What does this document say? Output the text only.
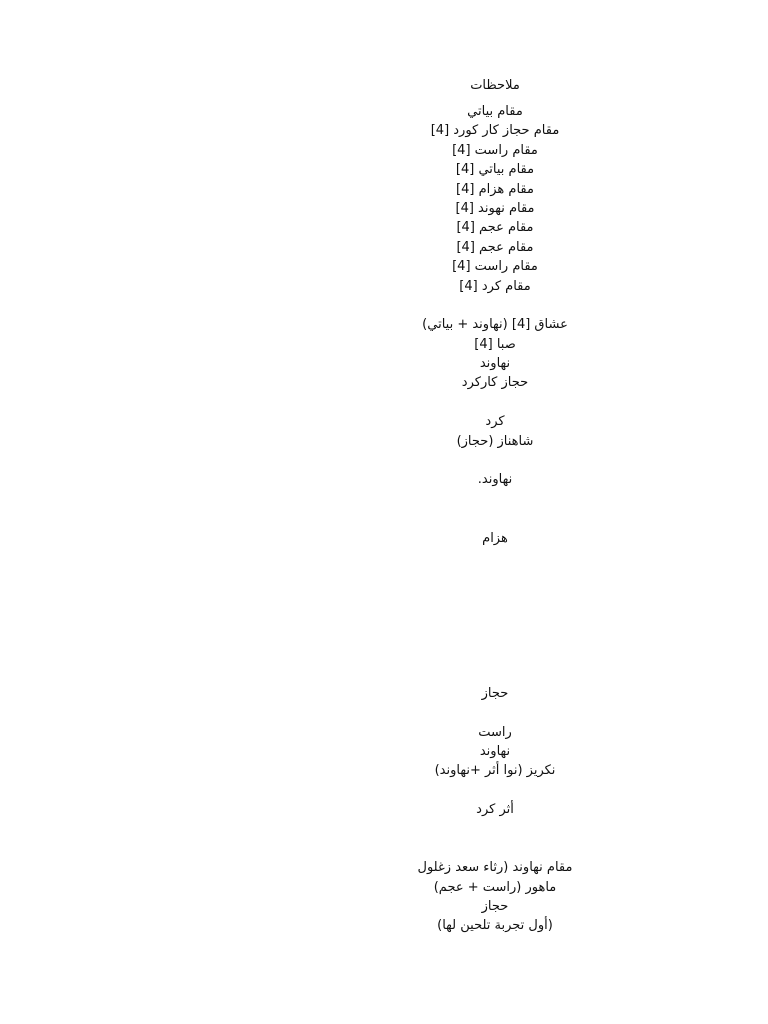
ملاحظات
مقام بياتي
مقام حجاز كار كورد [4]
مقام راست [4]
مقام بياتي [4]
مقام هزام [4]
مقام نهوند [4]
مقام عجم [4]
مقام عجم [4]
مقام راست [4]
مقام كرد [4]
عشاق [4] (نهاوند + بياتي)
صبا [4]
نهاوند
حجاز كاركرد
كرد
شاهناز (حجاز)
نهاوند.
هزام
حجاز
راست
نهاوند
نكريز (نوا أثر +نهاوند)
أثر كرد
مقام نهاوند (رثاء سعد زغلول
ماهور (راست + عجم)
حجاز
(أول تجربة تلحين لها)
